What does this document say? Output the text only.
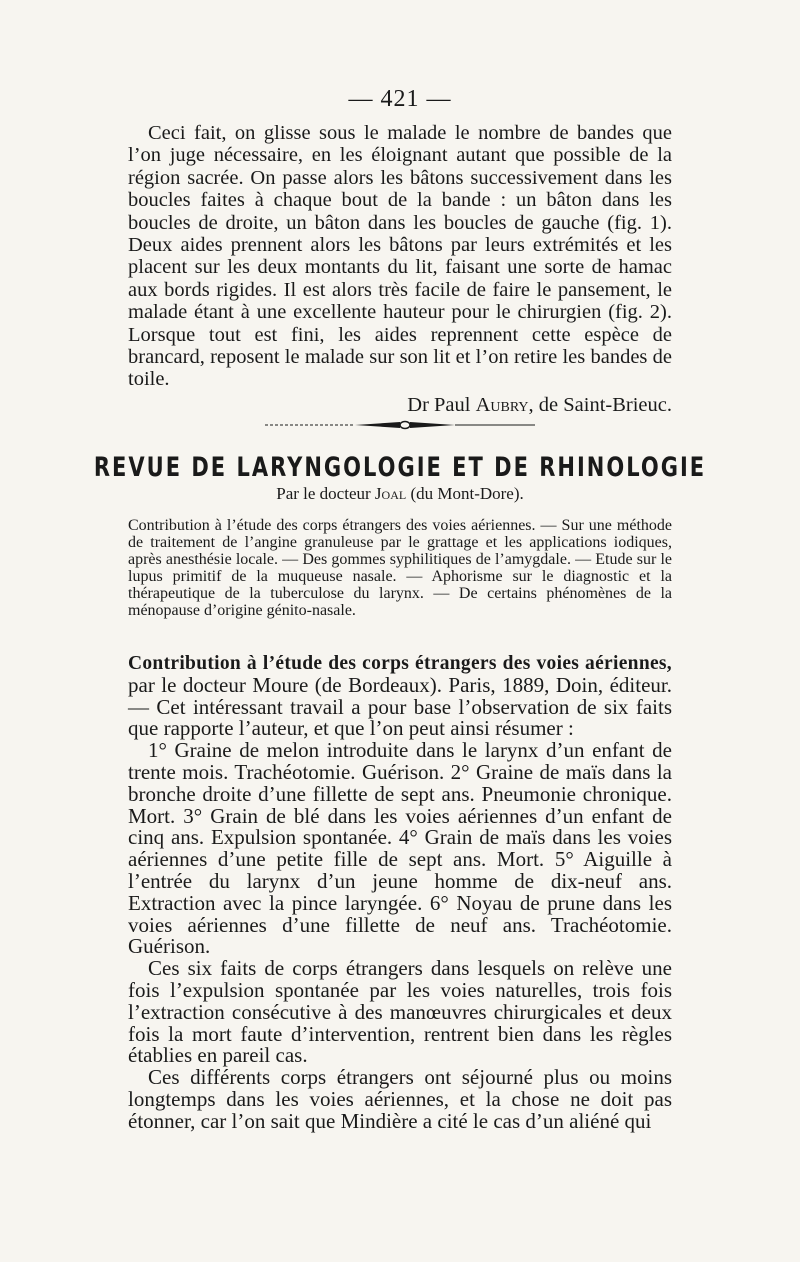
— 421 —

Ceci fait, on glisse sous le malade le nombre de bandes que l’on juge nécessaire, en les éloignant autant que possible de la région sacrée. On passe alors les bâtons successivement dans les boucles faites à chaque bout de la bande : un bâton dans les boucles de droite, un bâton dans les boucles de gauche (fig. 1). Deux aides prennent alors les bâtons par leurs extrémités et les placent sur les deux montants du lit, faisant une sorte de hamac aux bords rigides. Il est alors très facile de faire le pansement, le malade étant à une excellente hauteur pour le chirurgien (fig. 2). Lorsque tout est fini, les aides reprennent cette espèce de brancard, reposent le malade sur son lit et l’on retire les bandes de toile.

Dr Paul Aubry, de Saint-Brieuc.

REVUE DE LARYNGOLOGIE ET DE RHINOLOGIE
Par le docteur Joal (du Mont-Dore).

Contribution à l’étude des corps étrangers des voies aériennes. — Sur une méthode de traitement de l’angine granuleuse par le grattage et les applications iodiques, après anesthésie locale. — Des gommes syphilitiques de l’amygdale. — Etude sur le lupus primitif de la muqueuse nasale. — Aphorisme sur le diagnostic et la thérapeutique de la tuberculose du larynx. — De certains phénomènes de la ménopause d’origine génito-nasale.

Contribution à l’étude des corps étrangers des voies aériennes, par le docteur Moure (de Bordeaux). Paris, 1889, Doin, éditeur. — Cet intéressant travail a pour base l’observation de six faits que rapporte l’auteur, et que l’on peut ainsi résumer :

1° Graine de melon introduite dans le larynx d’un enfant de trente mois. Trachéotomie. Guérison. 2° Graine de maïs dans la bronche droite d’une fillette de sept ans. Pneumonie chronique. Mort. 3° Grain de blé dans les voies aériennes d’un enfant de cinq ans. Expulsion spontanée. 4° Grain de maïs dans les voies aériennes d’une petite fille de sept ans. Mort. 5° Aiguille à l’entrée du larynx d’un jeune homme de dix-neuf ans. Extraction avec la pince laryngée. 6° Noyau de prune dans les voies aériennes d’une fillette de neuf ans. Trachéotomie. Guérison.

Ces six faits de corps étrangers dans lesquels on relève une fois l’expulsion spontanée par les voies naturelles, trois fois l’extraction consécutive à des manœuvres chirurgicales et deux fois la mort faute d’intervention, rentrent bien dans les règles établies en pareil cas.

Ces différents corps étrangers ont séjourné plus ou moins longtemps dans les voies aériennes, et la chose ne doit pas étonner, car l’on sait que Mindière a cité le cas d’un aliéné qui
